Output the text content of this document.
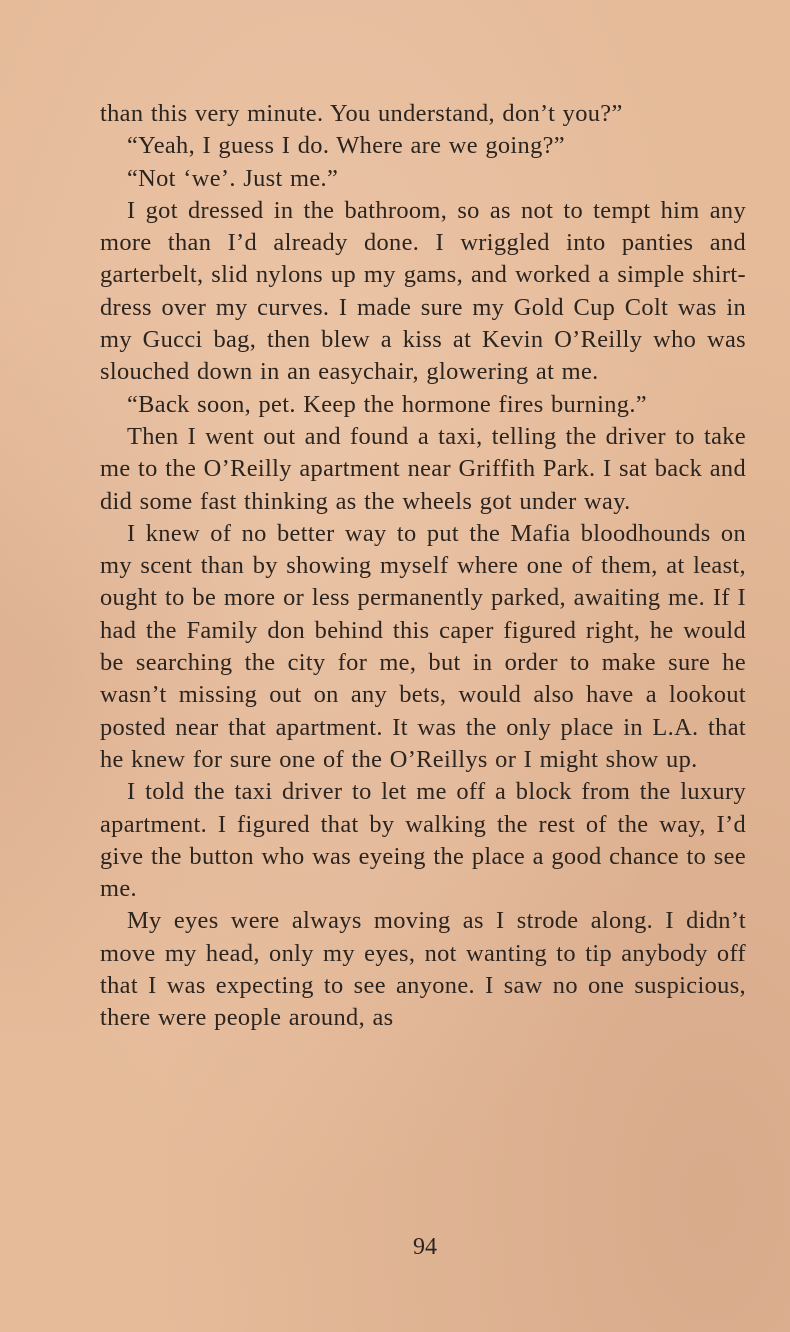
than this very minute. You understand, don’t you?”

“Yeah, I guess I do. Where are we going?”

“Not ‘we’. Just me.”

I got dressed in the bathroom, so as not to tempt him any more than I’d already done. I wriggled into panties and garterbelt, slid nylons up my gams, and worked a simple shirt-dress over my curves. I made sure my Gold Cup Colt was in my Gucci bag, then blew a kiss at Kevin O’Reilly who was slouched down in an easychair, glowering at me.

“Back soon, pet. Keep the hormone fires burning.”

Then I went out and found a taxi, telling the driver to take me to the O’Reilly apartment near Griffith Park. I sat back and did some fast thinking as the wheels got under way.

I knew of no better way to put the Mafia bloodhounds on my scent than by showing myself where one of them, at least, ought to be more or less permanently parked, awaiting me. If I had the Family don behind this caper figured right, he would be searching the city for me, but in order to make sure he wasn’t missing out on any bets, would also have a lookout posted near that apartment. It was the only place in L.A. that he knew for sure one of the O’Reillys or I might show up.

I told the taxi driver to let me off a block from the luxury apartment. I figured that by walking the rest of the way, I’d give the button who was eyeing the place a good chance to see me.

My eyes were always moving as I strode along. I didn’t move my head, only my eyes, not wanting to tip anybody off that I was expecting to see anyone. I saw no one suspicious, there were people around, as

94
